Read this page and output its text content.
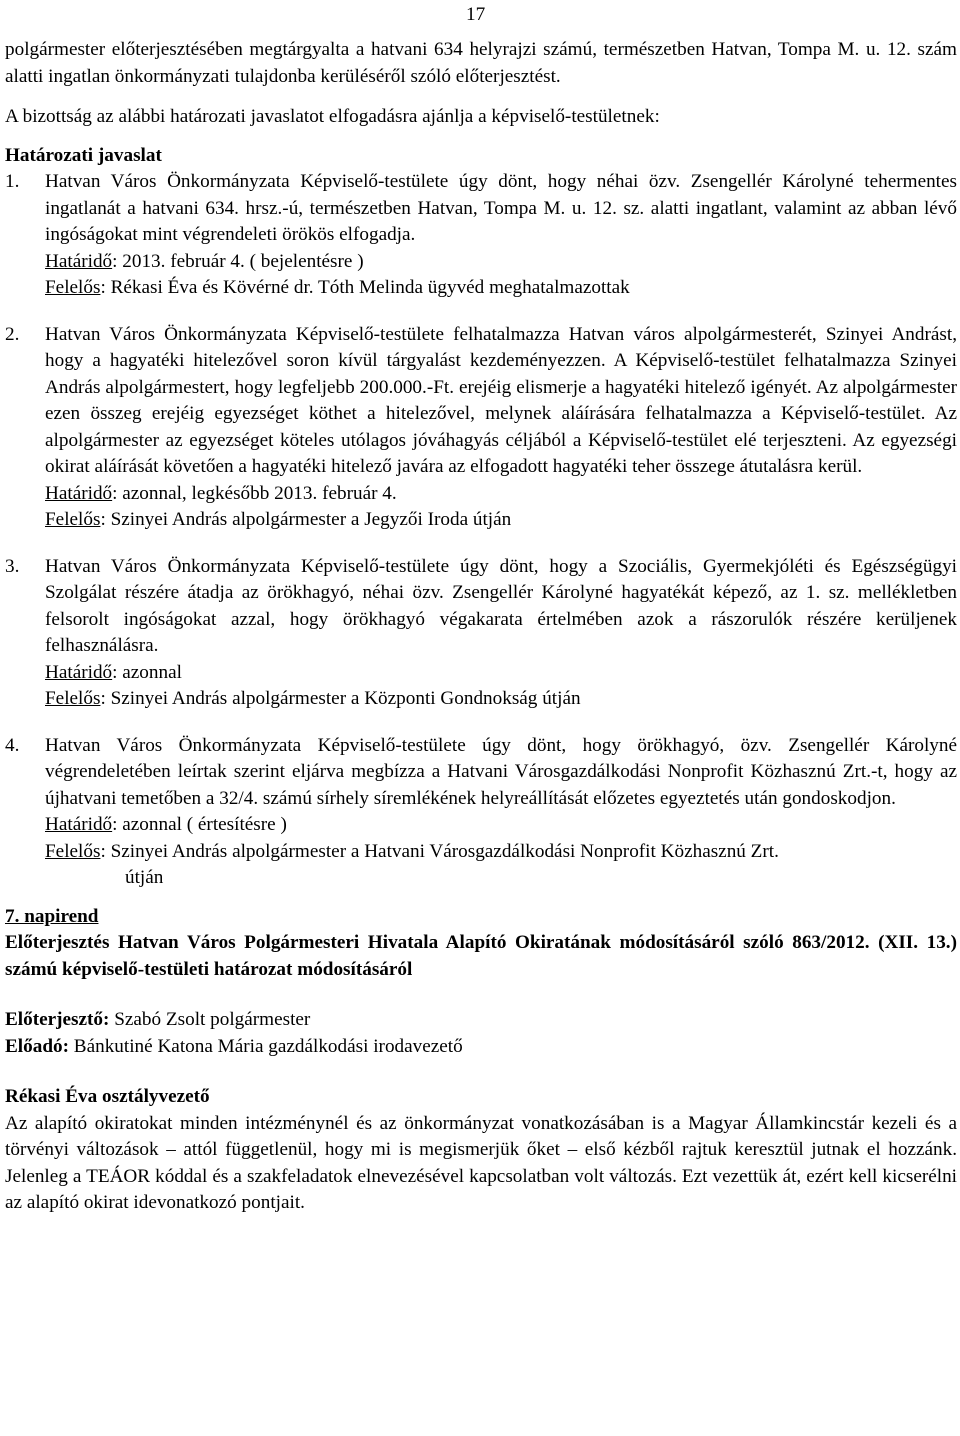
17

polgármester előterjesztésében megtárgyalta a hatvani 634 helyrajzi számú, természetben Hatvan, Tompa M. u. 12. szám alatti ingatlan önkormányzati tulajdonba kerüléséről szóló előterjesztést.

A bizottság az alábbi határozati javaslatot elfogadásra ajánlja a képviselő-testületnek:

Határozati javaslat

1.	Hatvan Város Önkormányzata Képviselő-testülete úgy dönt, hogy néhai özv. Zsengellér Károlyné tehermentes ingatlanát a hatvani 634. hrsz.-ú, természetben Hatvan, Tompa M. u. 12. sz. alatti ingatlant, valamint az abban lévő ingóságokat mint végrendeleti örökös elfogadja.

Határidő: 2013. február 4. ( bejelentésre )

Felelős: Rékasi Éva és Kövérné dr. Tóth Melinda ügyvéd meghatalmazottak

2.	Hatvan Város Önkormányzata Képviselő-testülete felhatalmazza Hatvan város alpolgármesterét, Szinyei Andrást, hogy a hagyatéki hitelezővel soron kívül tárgyalást kezdeményezzen. A Képviselő-testület felhatalmazza Szinyei András alpolgármestert, hogy legfeljebb 200.000.-Ft. erejéig elismerje a hagyatéki hitelező igényét. Az alpolgármester ezen összeg erejéig egyezséget köthet a hitelezővel, melynek aláírására felhatalmazza a Képviselő-testület. Az alpolgármester az egyezséget köteles utólagos jóváhagyás céljából a Képviselő-testület elé terjeszteni. Az egyezségi okirat aláírását követően a hagyatéki hitelező javára az elfogadott hagyatéki teher összege átutalásra kerül.

Határidő: azonnal, legkésőbb 2013. február 4.

Felelős: Szinyei András alpolgármester a Jegyzői Iroda útján

3.	Hatvan Város Önkormányzata Képviselő-testülete úgy dönt, hogy a Szociális, Gyermekjóléti és Egészségügyi Szolgálat részére átadja az örökhagyó, néhai özv. Zsengellér Károlyné hagyatékát képező, az 1. sz. mellékletben felsorolt ingóságokat azzal, hogy örökhagyó végakarata értelmében azok a rászorulók részére kerüljenek felhasználásra.

Határidő: azonnal

Felelős: Szinyei András alpolgármester a Központi Gondnokság útján

4.	Hatvan Város Önkormányzata Képviselő-testülete úgy dönt, hogy örökhagyó, özv. Zsengellér Károlyné végrendeletében leírtak szerint eljárva megbízza a Hatvani Városgazdálkodási Nonprofit Közhasznú Zrt.-t, hogy az újhatvani temetőben a 32/4. számú sírhely síremlékének helyreállítását előzetes egyeztetés után gondoskodjon.

Határidő: azonnal ( értesítésre )

Felelős: Szinyei András alpolgármester a Hatvani Városgazdálkodási Nonprofit Közhasznú Zrt.

útján

7. napirend

Előterjesztés Hatvan Város Polgármesteri Hivatala Alapító Okiratának módosításáról szóló 863/2012. (XII. 13.) számú képviselő-testületi határozat módosításáról

Előterjesztő: Szabó Zsolt polgármester

Előadó: Bánkutiné Katona Mária gazdálkodási irodavezető

Rékasi Éva osztályvezető

Az alapító okiratokat minden intézménynél és az önkormányzat vonatkozásában is a Magyar Államkincstár kezeli és a törvényi változások – attól függetlenül, hogy mi is megismerjük őket – első kézből rajtuk keresztül jutnak el hozzánk. Jelenleg a TEÁOR kóddal és a szakfeladatok elnevezésével kapcsolatban volt változás. Ezt vezettük át, ezért kell kicserélni az alapító okirat idevonatkozó pontjait.
